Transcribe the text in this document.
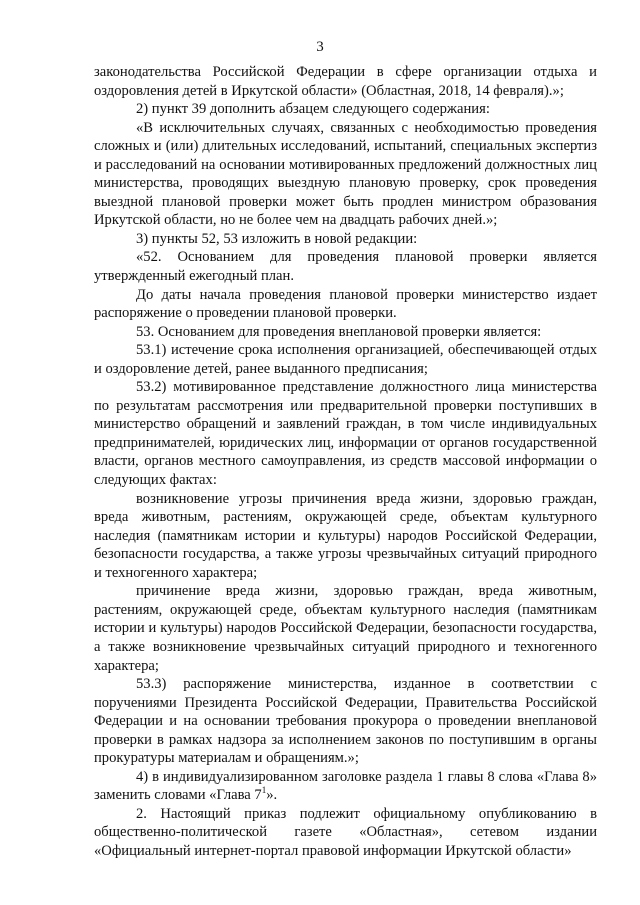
3

законодательства Российской Федерации в сфере организации отдыха и оздоровления детей в Иркутской области» (Областная, 2018, 14 февраля).»;

2) пункт 39 дополнить абзацем следующего содержания:

«В исключительных случаях, связанных с необходимостью проведения сложных и (или) длительных исследований, испытаний, специальных экспертиз и расследований на основании мотивированных предложений должностных лиц министерства, проводящих выездную плановую проверку, срок проведения выездной плановой проверки может быть продлен министром образования Иркутской области, но не более чем на двадцать рабочих дней.»;

3) пункты 52, 53 изложить в новой редакции:

«52. Основанием для проведения плановой проверки является утвержденный ежегодный план.

До даты начала проведения плановой проверки министерство издает распоряжение о проведении плановой проверки.

53. Основанием для проведения внеплановой проверки является:

53.1) истечение срока исполнения организацией, обеспечивающей отдых и оздоровление детей, ранее выданного предписания;

53.2) мотивированное представление должностного лица министерства по результатам рассмотрения или предварительной проверки поступивших в министерство обращений и заявлений граждан, в том числе индивидуальных предпринимателей, юридических лиц, информации от органов государственной власти, органов местного самоуправления, из средств массовой информации о следующих фактах:

возникновение угрозы причинения вреда жизни, здоровью граждан, вреда животным, растениям, окружающей среде, объектам культурного наследия (памятникам истории и культуры) народов Российской Федерации, безопасности государства, а также угрозы чрезвычайных ситуаций природного и техногенного характера;

причинение вреда жизни, здоровью граждан, вреда животным, растениям, окружающей среде, объектам культурного наследия (памятникам истории и культуры) народов Российской Федерации, безопасности государства, а также возникновение чрезвычайных ситуаций природного и техногенного характера;

53.3) распоряжение министерства, изданное в соответствии с поручениями Президента Российской Федерации, Правительства Российской Федерации и на основании требования прокурора о проведении внеплановой проверки в рамках надзора за исполнением законов по поступившим в органы прокуратуры материалам и обращениям.»;

4) в индивидуализированном заголовке раздела 1 главы 8 слова «Глава 8» заменить словами «Глава $7^1$».

2. Настоящий приказ подлежит официальному опубликованию в общественно-политической газете «Областная», сетевом издании «Официальный интернет-портал правовой информации Иркутской области»
